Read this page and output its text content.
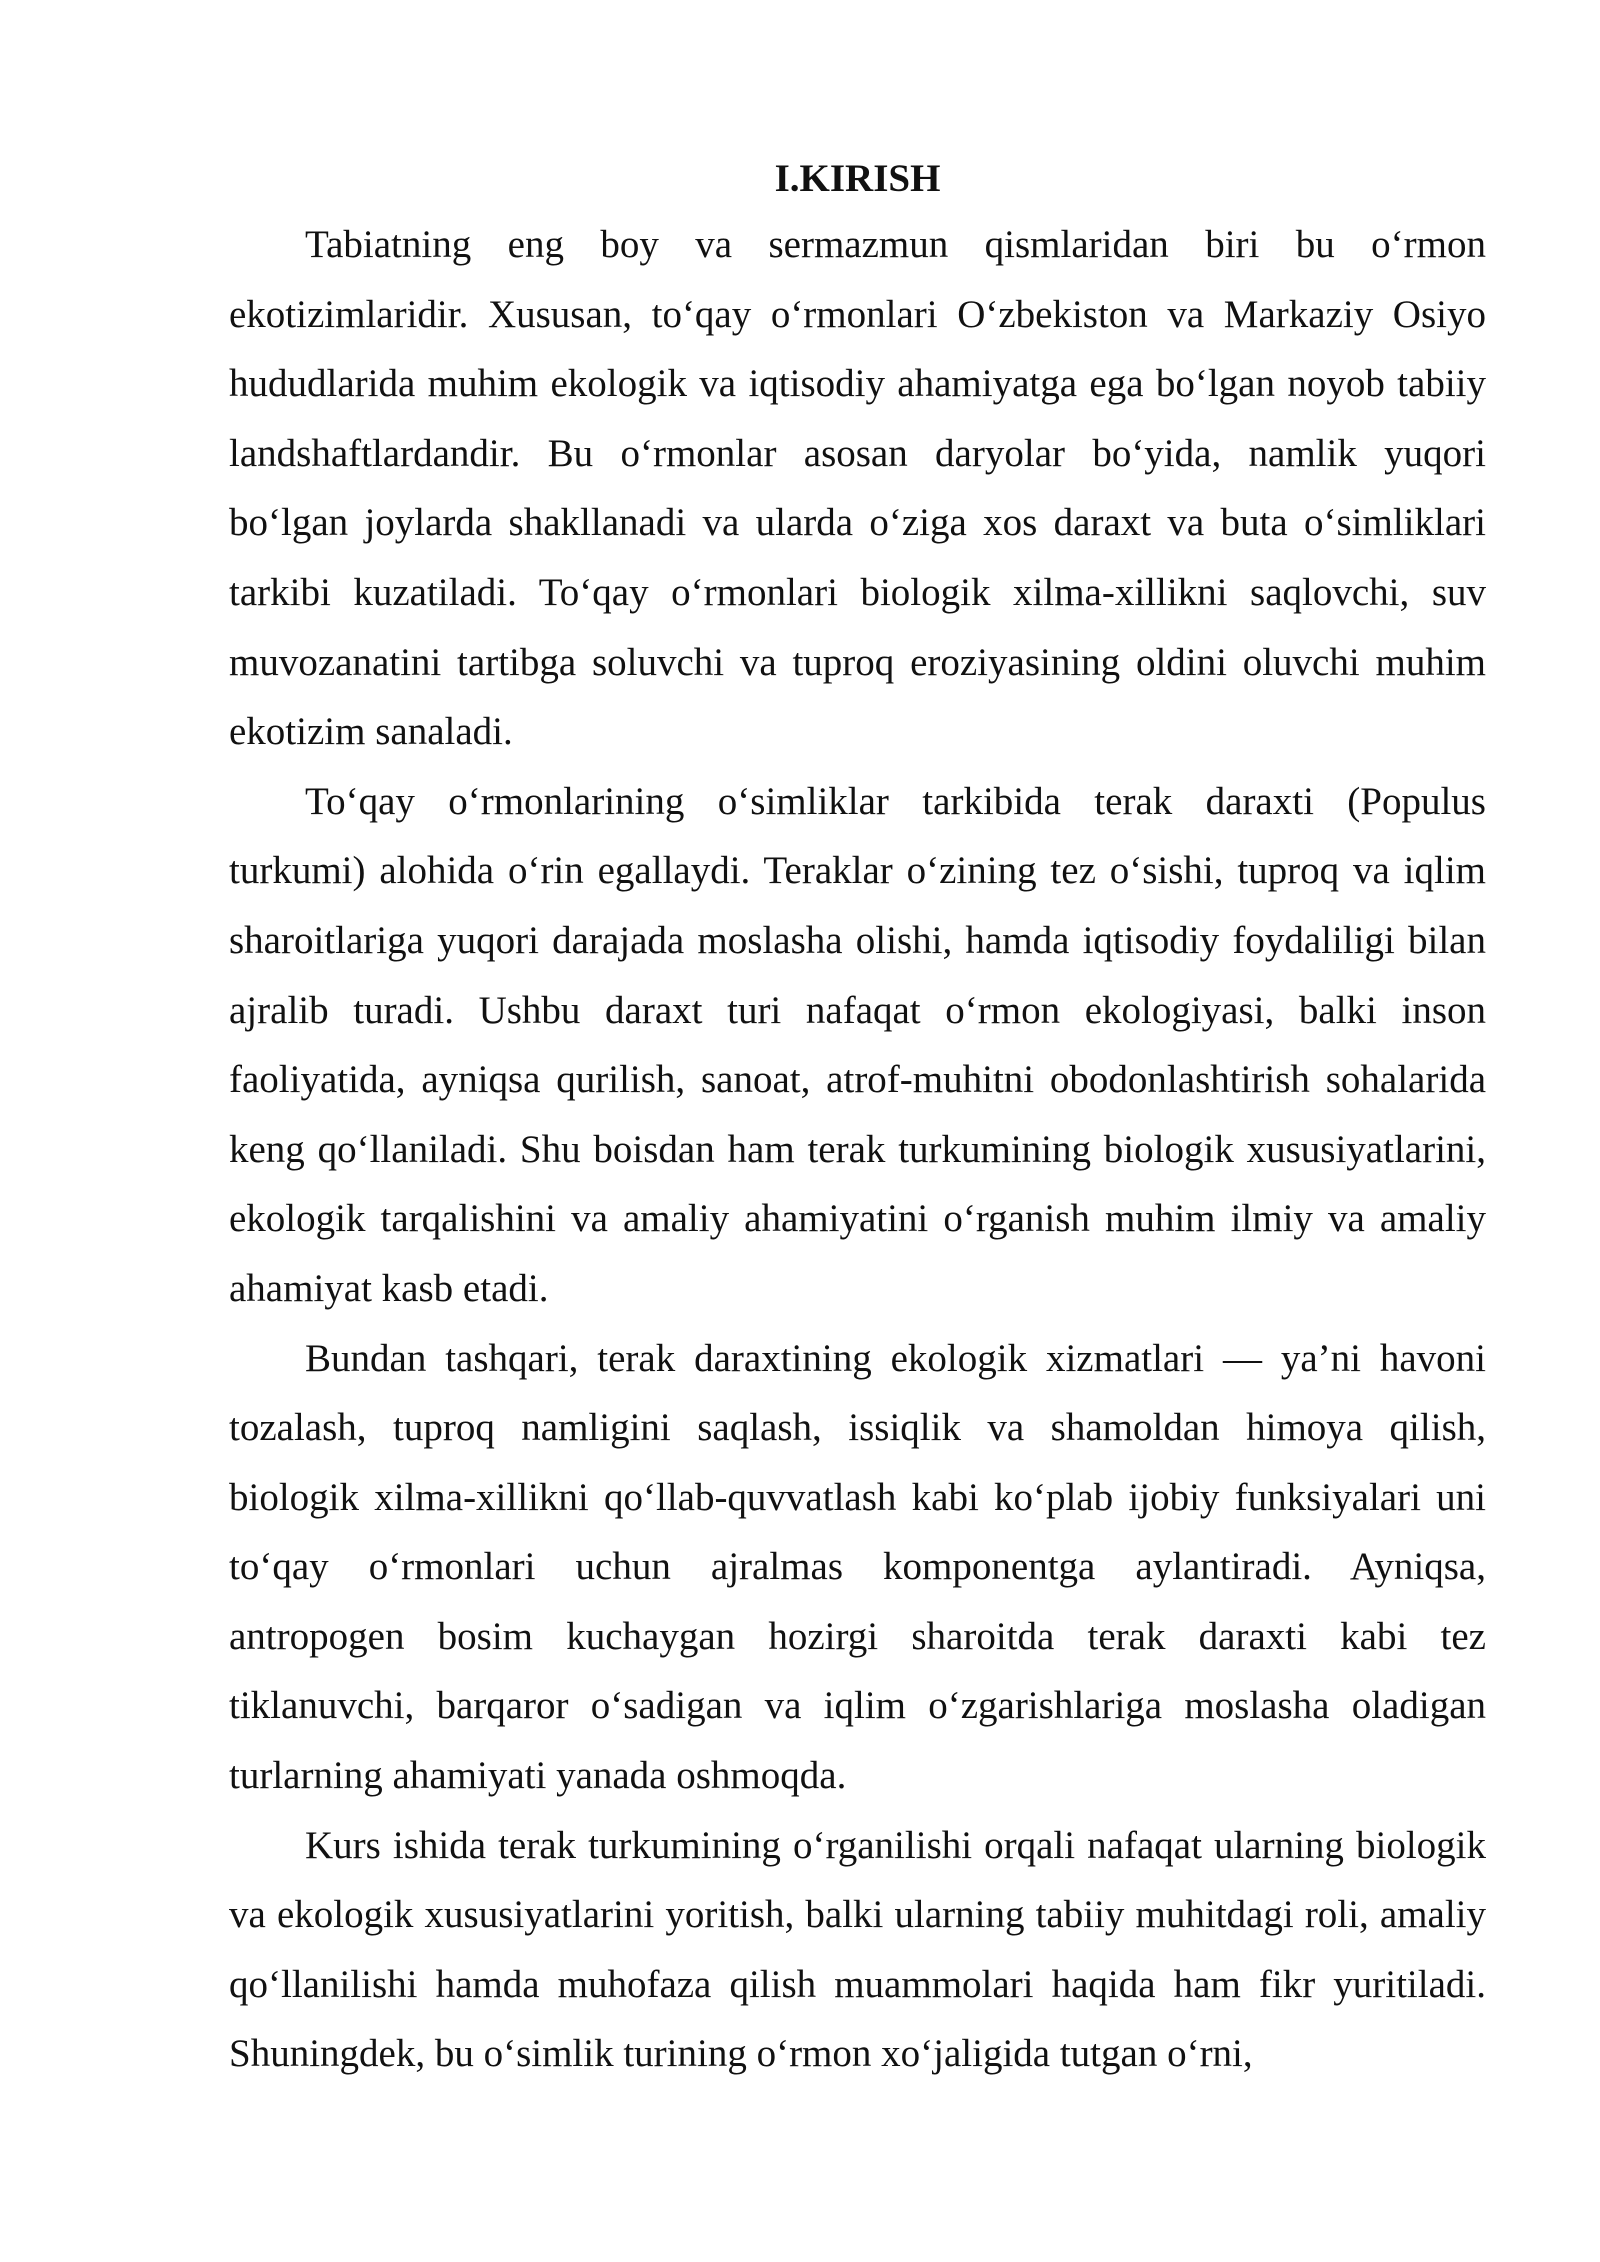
I.KIRISH

Tabiatning eng boy va sermazmun qismlaridan biri bu o‘rmon ekotizimlaridir. Xususan, to‘qay o‘rmonlari O‘zbekiston va Markaziy Osiyo hududlarida muhim ekologik va iqtisodiy ahamiyatga ega bo‘lgan noyob tabiiy landshaftlardandir. Bu o‘rmonlar asosan daryolar bo‘yida, namlik yuqori bo‘lgan joylarda shakllanadi va ularda o‘ziga xos daraxt va buta o‘simliklari tarkibi kuzatiladi. To‘qay o‘rmonlari biologik xilma-xillikni saqlovchi, suv muvozanatini tartibga soluvchi va tuproq eroziyasining oldini oluvchi muhim ekotizim sanaladi.

To‘qay o‘rmonlarining o‘simliklar tarkibida terak daraxti (Populus turkumi) alohida o‘rin egallaydi. Teraklar o‘zining tez o‘sishi, tuproq va iqlim sharoitlariga yuqori darajada moslasha olishi, hamda iqtisodiy foydaliligi bilan ajralib turadi. Ushbu daraxt turi nafaqat o‘rmon ekologiyasi, balki inson faoliyatida, ayniqsa qurilish, sanoat, atrof-muhitni obodonlashtirish sohalarida keng qo‘llaniladi. Shu boisdan ham terak turkumining biologik xususiyatlarini, ekologik tarqalishini va amaliy ahamiyatini o‘rganish muhim ilmiy va amaliy ahamiyat kasb etadi.

Bundan tashqari, terak daraxtining ekologik xizmatlari — ya’ni havoni tozalash, tuproq namligini saqlash, issiqlik va shamoldan himoya qilish, biologik xilma-xillikni qo‘llab-quvvatlash kabi ko‘plab ijobiy funksiyalari uni to‘qay o‘rmonlari uchun ajralmas komponentga aylantiradi. Ayniqsa, antropogen bosim kuchaygan hozirgi sharoitda terak daraxti kabi tez tiklanuvchi, barqaror o‘sadigan va iqlim o‘zgarishlariga moslasha oladigan turlarning ahamiyati yanada oshmoqda.

Kurs ishida terak turkumining o‘rganilishi orqali nafaqat ularning biologik va ekologik xususiyatlarini yoritish, balki ularning tabiiy muhitdagi roli, amaliy qo‘llanilishi hamda muhofaza qilish muammolari haqida ham fikr yuritiladi. Shuningdek, bu o‘simlik turining o‘rmon xo‘jaligida tutgan o‘rni,
